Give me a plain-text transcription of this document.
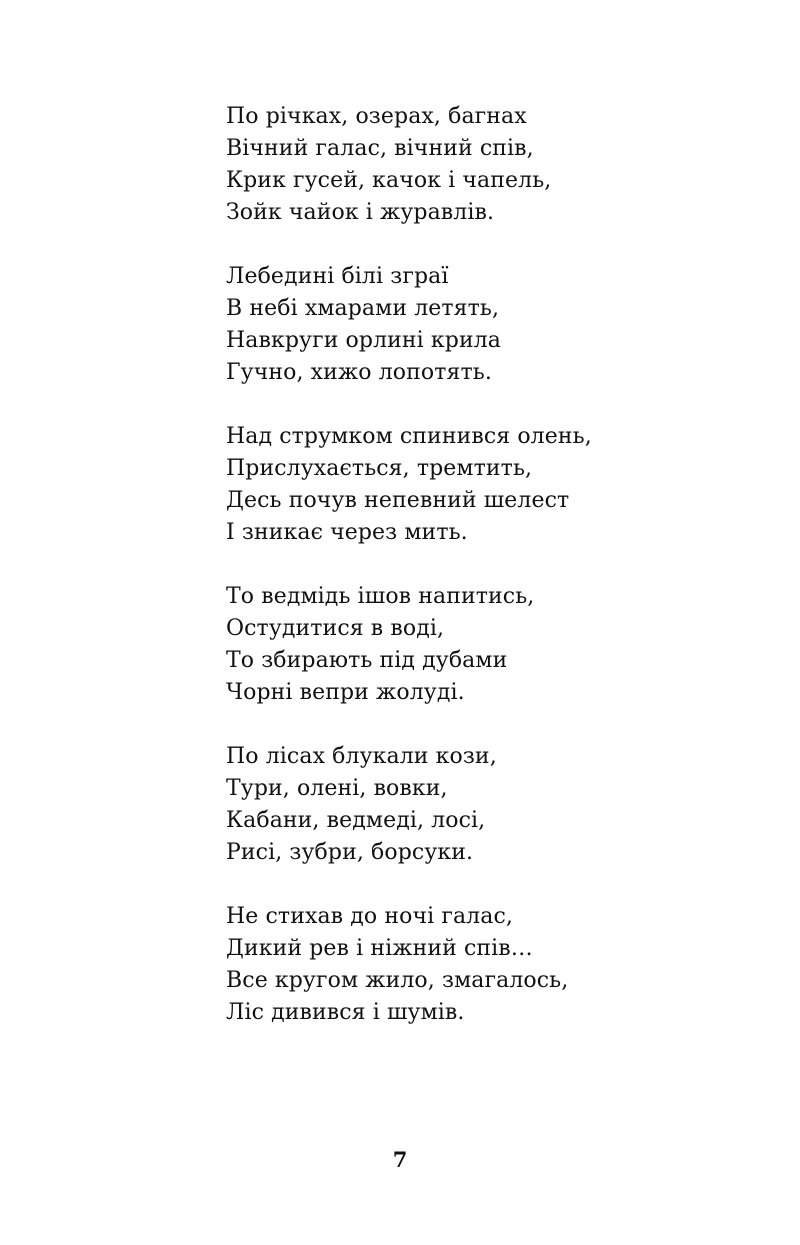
По річках, озерах, багнах
Вічний галас, вічний спів,
Крик гусей, качок і чапель,
Зойк чайок і журавлів.
Лебедині білі зграї
В небі хмарами летять,
Навкруги орлині крила
Гучно, хижо лопотять.
Над струмком спинився олень,
Прислухається, тремтить,
Десь почув непевний шелест
І зникає через мить.
То ведмідь ішов напитись,
Остудитися в воді,
То збирають під дубами
Чорні вепри жолуді.
По лісах блукали кози,
Тури, олені, вовки,
Кабани, ведмеді, лосі,
Рисі, зубри, борсуки.
Не стихав до ночі галас,
Дикий рев і ніжний спів…
Все кругом жило, змагалось,
Ліс дивився і шумів.
7
